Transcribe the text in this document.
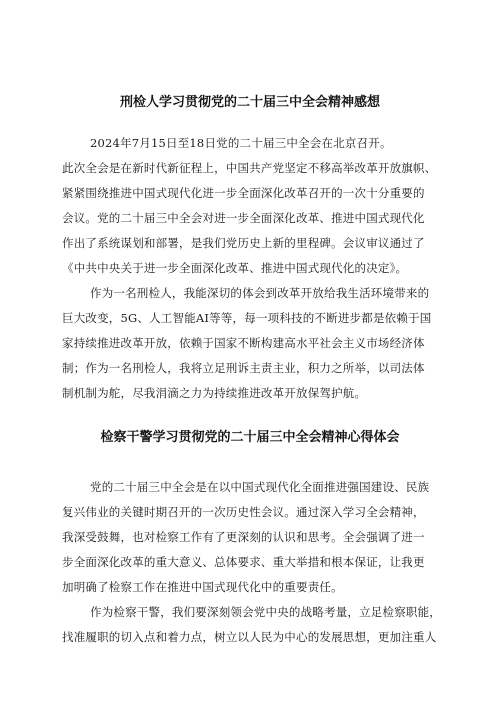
刑检人学习贯彻党的二十届三中全会精神感想
2024年7月15日至18日党的二十届三中全会在北京召开。
此次全会是在新时代新征程上，中国共产党坚定不移高举改革开放旗帜、
紧紧围绕推进中国式现代化进一步全面深化改革召开的一次十分重要的
会议。党的二十届三中全会对进一步全面深化改革、推进中国式现代化
作出了系统谋划和部署，是我们党历史上新的里程碑。会议审议通过了
《中共中央关于进一步全面深化改革、推进中国式现代化的决定》。
作为一名刑检人，我能深切的体会到改革开放给我生活环境带来的
巨大改变，5G、人工智能AI等等，每一项科技的不断进步都是依赖于国
家持续推进改革开放，依赖于国家不断构建高水平社会主义市场经济体
制；作为一名刑检人，我将立足刑诉主责主业，积力之所举，以司法体
制机制为舵，尽我涓滴之力为持续推进改革开放保驾护航。
检察干警学习贯彻党的二十届三中全会精神心得体会
党的二十届三中全会是在以中国式现代化全面推进强国建设、民族
复兴伟业的关键时期召开的一次历史性会议。通过深入学习全会精神，
我深受鼓舞，也对检察工作有了更深刻的认识和思考。全会强调了进一
步全面深化改革的重大意义、总体要求、重大举措和根本保证，让我更
加明确了检察工作在推进中国式现代化中的重要责任。
作为检察干警，我们要深刻领会党中央的战略考量，立足检察职能，
找准履职的切入点和着力点，树立以人民为中心的发展思想，更加注重人
